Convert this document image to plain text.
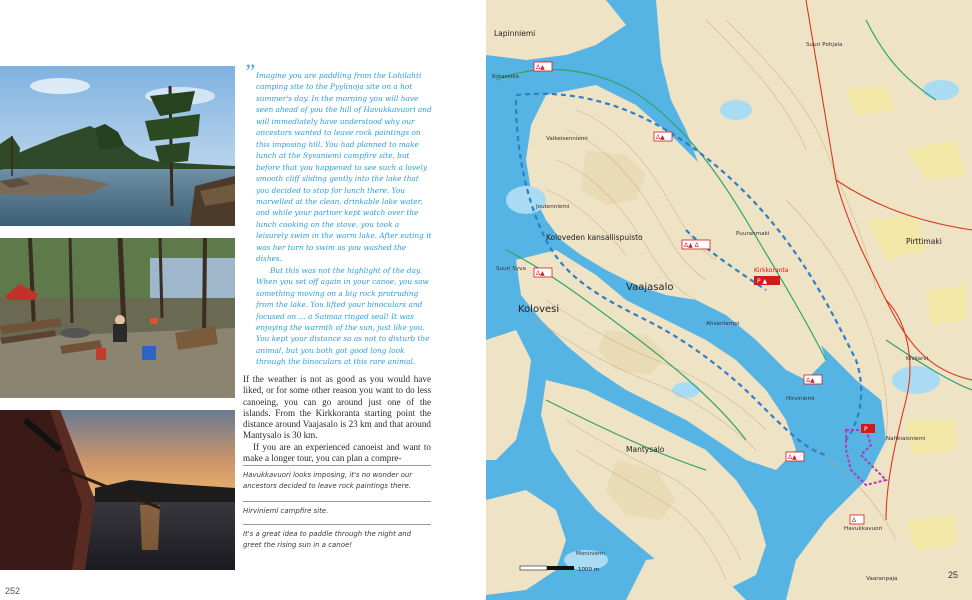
” Imagine you are paddling from the Lohilahti camping site to the Pyylinoja site on a hot summer's day. In the morning you will have seen ahead of you the hill of Havukkavuori and will immediately have understood why our ancestors wanted to leave rock paintings on this imposing hill. You had planned to make lunch at the Syvaniemi campfire site, but before that you happened to see such a lovely smooth cliff sliding gently into the lake that you decided to stop for lunch there. You marvelled at the clean, drinkable lake water, and while your partner kept watch over the lunch cooking on the stove, you took a leisurely swim in the warm lake. After eating it was her turn to swim as you washed the dishes.

But this was not the highlight of the day. When you set off again in your canoe, you saw something moving on a big rock protruding from the lake. You lifted your binoculars and focused on ... a Saimaa ringed seal! It was enjoying the warmth of the sun, just like you. You kept your distance so as not to disturb the animal, but you both got good long look through the binoculars at this rare animal.

If the weather is not as good as you would have liked, or for some other reason you want to do less canoeing, you can go around just one of the islands. From the Kirkkoranta starting point the distance around Vaajasalo is 23 km and that around Mantysalo is 30 km.

If you are an experienced canoeist and want to make a longer tour, you can plan a compre-

Havukkavuori looks imposing, it's no wonder our ancestors decided to leave rock paintings there.
Hirvinieml campfire site.
It's a great idea to paddle through the night and greet the rising sun in a canoe!
252
Δ▲
Δ▲
Δ▲ Δ
Δ▲
P ▲
Δ▲
Δ▲
P
Δ
Lapinniemi
Kotaselka
Valkeisenniemi
Joutenniemi
Koloveden kansallispuisto
Vaajasalo
Kolovesi
Kirkkoranta
Pirttimaki
Suuri Syva
Ahvenlampi
Mantysalo
Hirviniemi
Nahkiaisniemi
Havukkavuori
Moniniemi
Suuri Pohjala
Kivijarvi
Vaaranpaja
Puuranmaki
1000 m	25
